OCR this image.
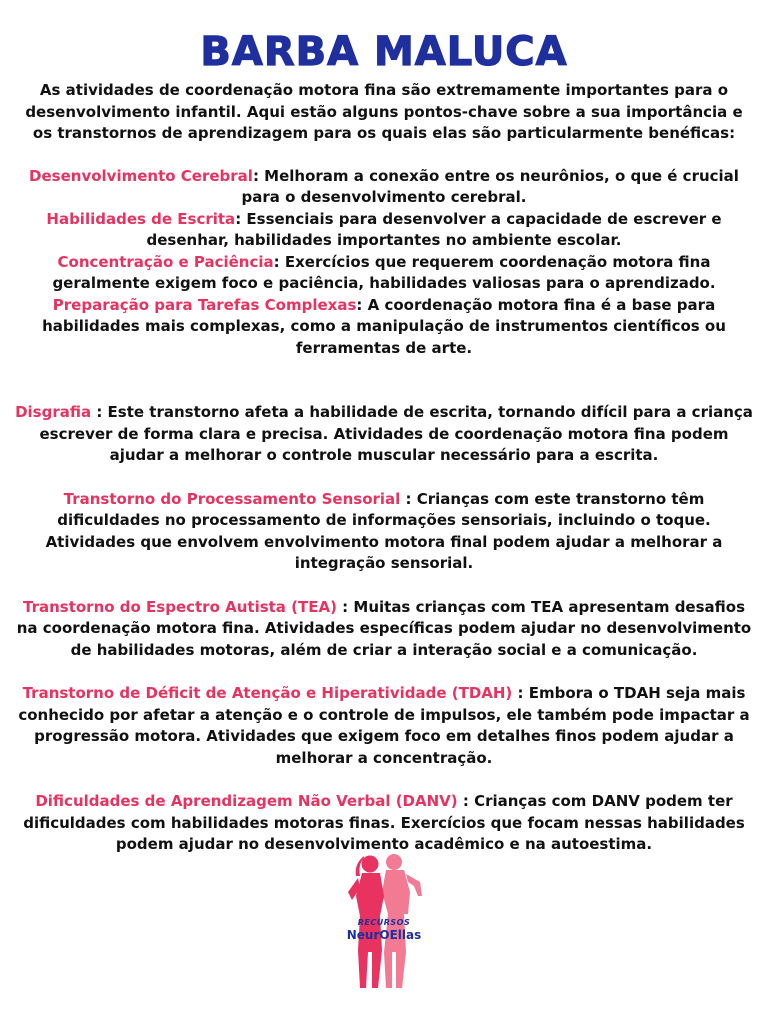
BARBA MALUCA

As atividades de coordenação motora fina são extremamente importantes para o desenvolvimento infantil. Aqui estão alguns pontos-chave sobre a sua importância e os transtornos de aprendizagem para os quais elas são particularmente benéficas:

Desenvolvimento Cerebral: Melhoram a conexão entre os neurônios, o que é crucial para o desenvolvimento cerebral.
Habilidades de Escrita: Essenciais para desenvolver a capacidade de escrever e desenhar, habilidades importantes no ambiente escolar.
Concentração e Paciência: Exercícios que requerem coordenação motora fina geralmente exigem foco e paciência, habilidades valiosas para o aprendizado.
Preparação para Tarefas Complexas: A coordenação motora fina é a base para habilidades mais complexas, como a manipulação de instrumentos científicos ou ferramentas de arte.

Disgrafia : Este transtorno afeta a habilidade de escrita, tornando difícil para a criança escrever de forma clara e precisa. Atividades de coordenação motora fina podem ajudar a melhorar o controle muscular necessário para a escrita.

Transtorno do Processamento Sensorial : Crianças com este transtorno têm dificuldades no processamento de informações sensoriais, incluindo o toque. Atividades que envolvem envolvimento motora final podem ajudar a melhorar a integração sensorial.

Transtorno do Espectro Autista (TEA) : Muitas crianças com TEA apresentam desafios na coordenação motora fina. Atividades específicas podem ajudar no desenvolvimento de habilidades motoras, além de criar a interação social e a comunicação.

Transtorno de Déficit de Atenção e Hiperatividade (TDAH) : Embora o TDAH seja mais conhecido por afetar a atenção e o controle de impulsos, ele também pode impactar a progressão motora. Atividades que exigem foco em detalhes finos podem ajudar a melhorar a concentração.

Dificuldades de Aprendizagem Não Verbal (DANV) : Crianças com DANV podem ter dificuldades com habilidades motoras finas. Exercícios que focam nessas habilidades podem ajudar no desenvolvimento acadêmico e na autoestima.

RECURSOS
NeurOEllas
